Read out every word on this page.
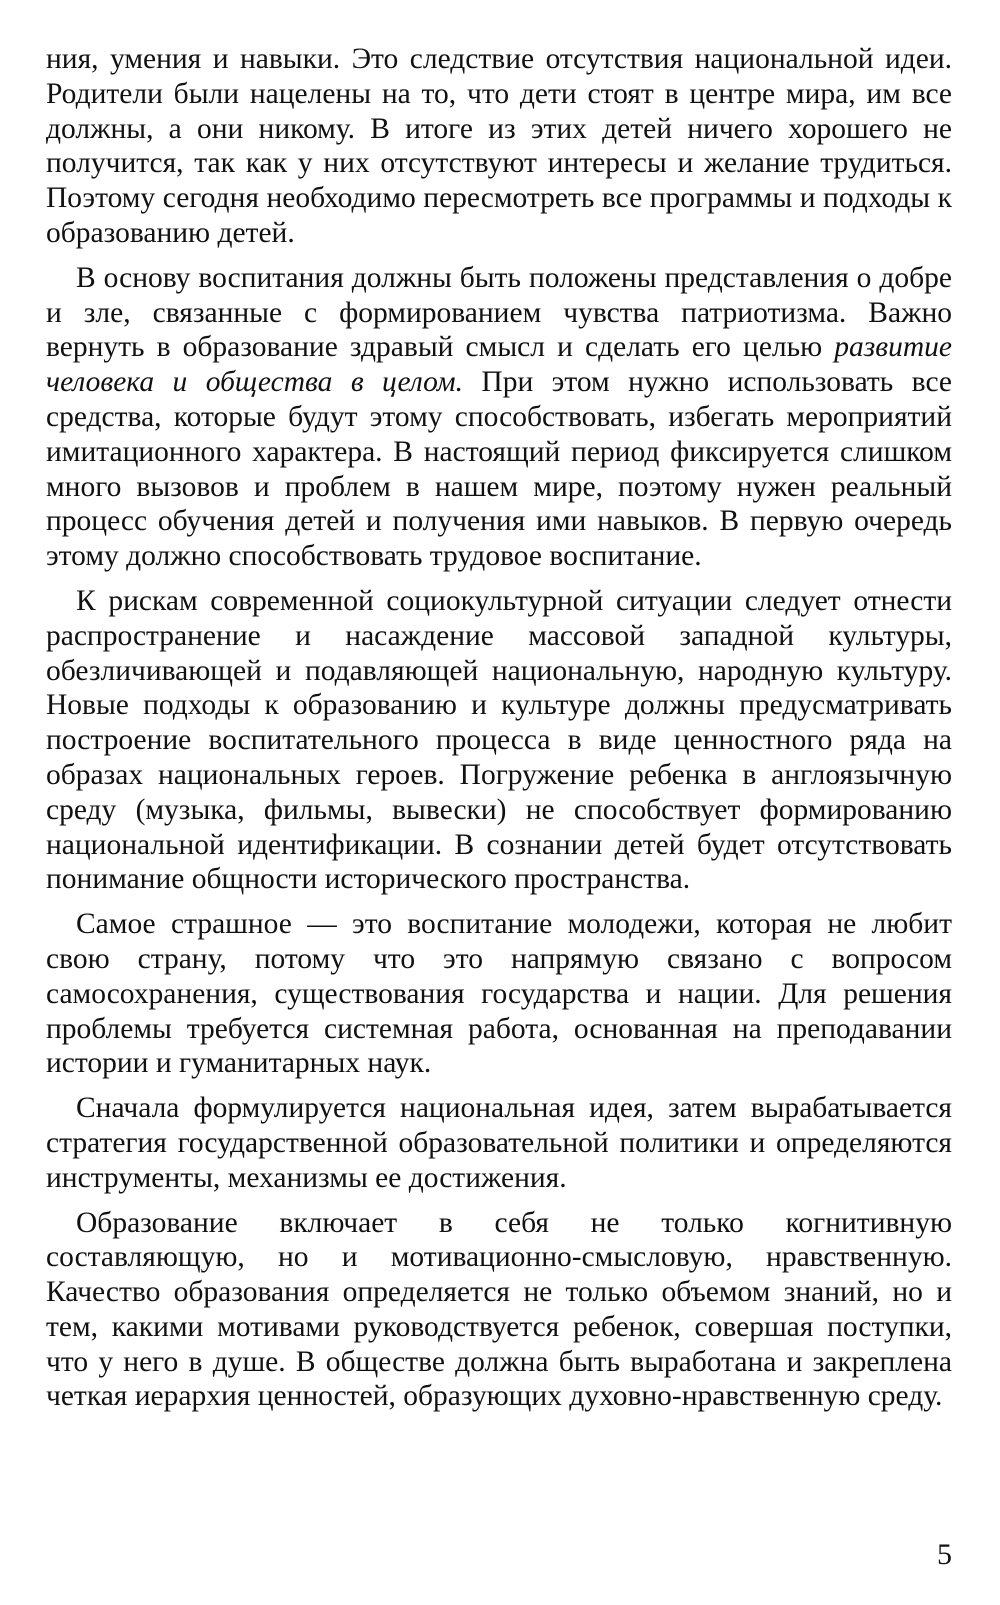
ния, умения и навыки. Это следствие отсутствия национальной идеи. Родители были нацелены на то, что дети стоят в центре мира, им все должны, а они никому. В итоге из этих детей ничего хорошего не получится, так как у них отсутствуют интересы и желание трудиться. Поэтому сегодня необходимо пересмотреть все программы и подходы к образованию детей.

В основу воспитания должны быть положены представления о добре и зле, связанные с формированием чувства патриотизма. Важно вернуть в образование здравый смысл и сделать его целью развитие человека и общества в целом. При этом нужно использовать все средства, которые будут этому способствовать, избегать мероприятий имитационного характера. В настоящий период фиксируется слишком много вызовов и проблем в нашем мире, поэтому нужен реальный процесс обучения детей и получения ими навыков. В первую очередь этому должно способствовать трудовое воспитание.

К рискам современной социокультурной ситуации следует отнести распространение и насаждение массовой западной культуры, обезличивающей и подавляющей национальную, народную культуру. Новые подходы к образованию и культуре должны предусматривать построение воспитательного процесса в виде ценностного ряда на образах национальных героев. Погружение ребенка в англоязычную среду (музыка, фильмы, вывески) не способствует формированию национальной идентификации. В сознании детей будет отсутствовать понимание общности исторического пространства.

Самое страшное — это воспитание молодежи, которая не любит свою страну, потому что это напрямую связано с вопросом самосохранения, существования государства и нации. Для решения проблемы требуется системная работа, основанная на преподавании истории и гуманитарных наук.

Сначала формулируется национальная идея, затем вырабатывается стратегия государственной образовательной политики и определяются инструменты, механизмы ее достижения.

Образование включает в себя не только когнитивную составляющую, но и мотивационно-смысловую, нравственную. Качество образования определяется не только объемом знаний, но и тем, какими мотивами руководствуется ребенок, совершая поступки, что у него в душе. В обществе должна быть выработана и закреплена четкая иерархия ценностей, образующих духовно-нравственную среду.

5
